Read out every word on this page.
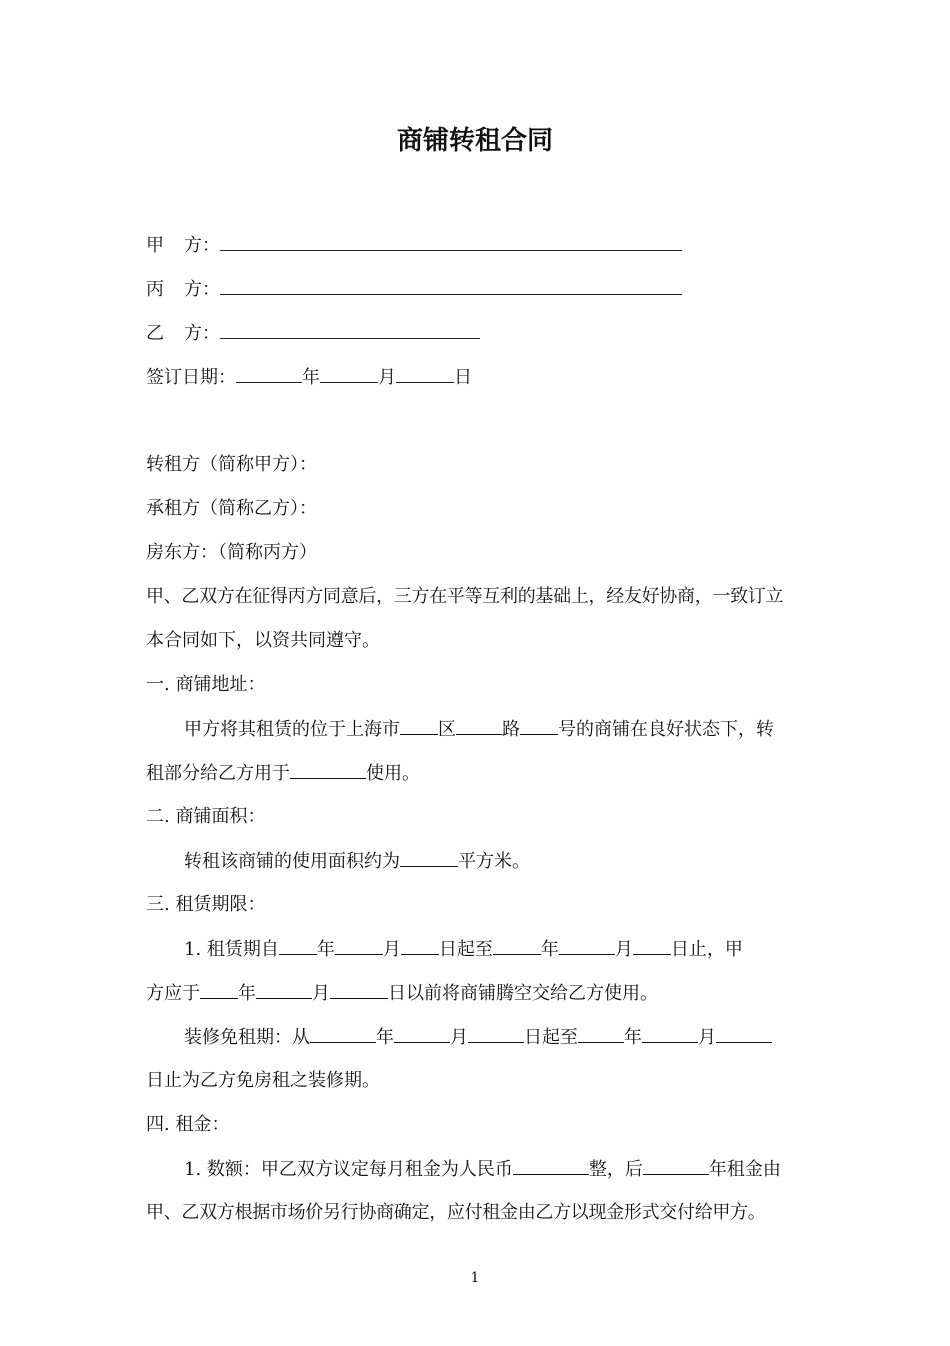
商铺转租合同
甲 方：
丙 方：
乙 方：
签订日期：	年	月	日
转租方（简称甲方）：
承租方（简称乙方）：
房东方：（简称丙方）
甲、乙双方在征得丙方同意后，三方在平等互利的基础上，经友好协商，一致订立
本合同如下，以资共同遵守。
一. 商铺地址：
甲方将其租赁的位于上海市 区	路 号的商铺在良好状态下，转
租部分给乙方用于	使用。
二. 商铺面积：
转租该商铺的使用面积约为	平方米。
三. 租赁期限：
1. 租赁期自 年	月 日起至	年	月 日止，甲
方应于 年	月	日以前将商铺腾空交给乙方使用。
装修免租期：从	年	月	日起至	年	月
日止为乙方免房租之装修期。
四. 租金：
1. 数额：甲乙双方议定每月租金为人民币	整，后	年租金由
甲、乙双方根据市场价另行协商确定，应付租金由乙方以现金形式交付给甲方。
1
